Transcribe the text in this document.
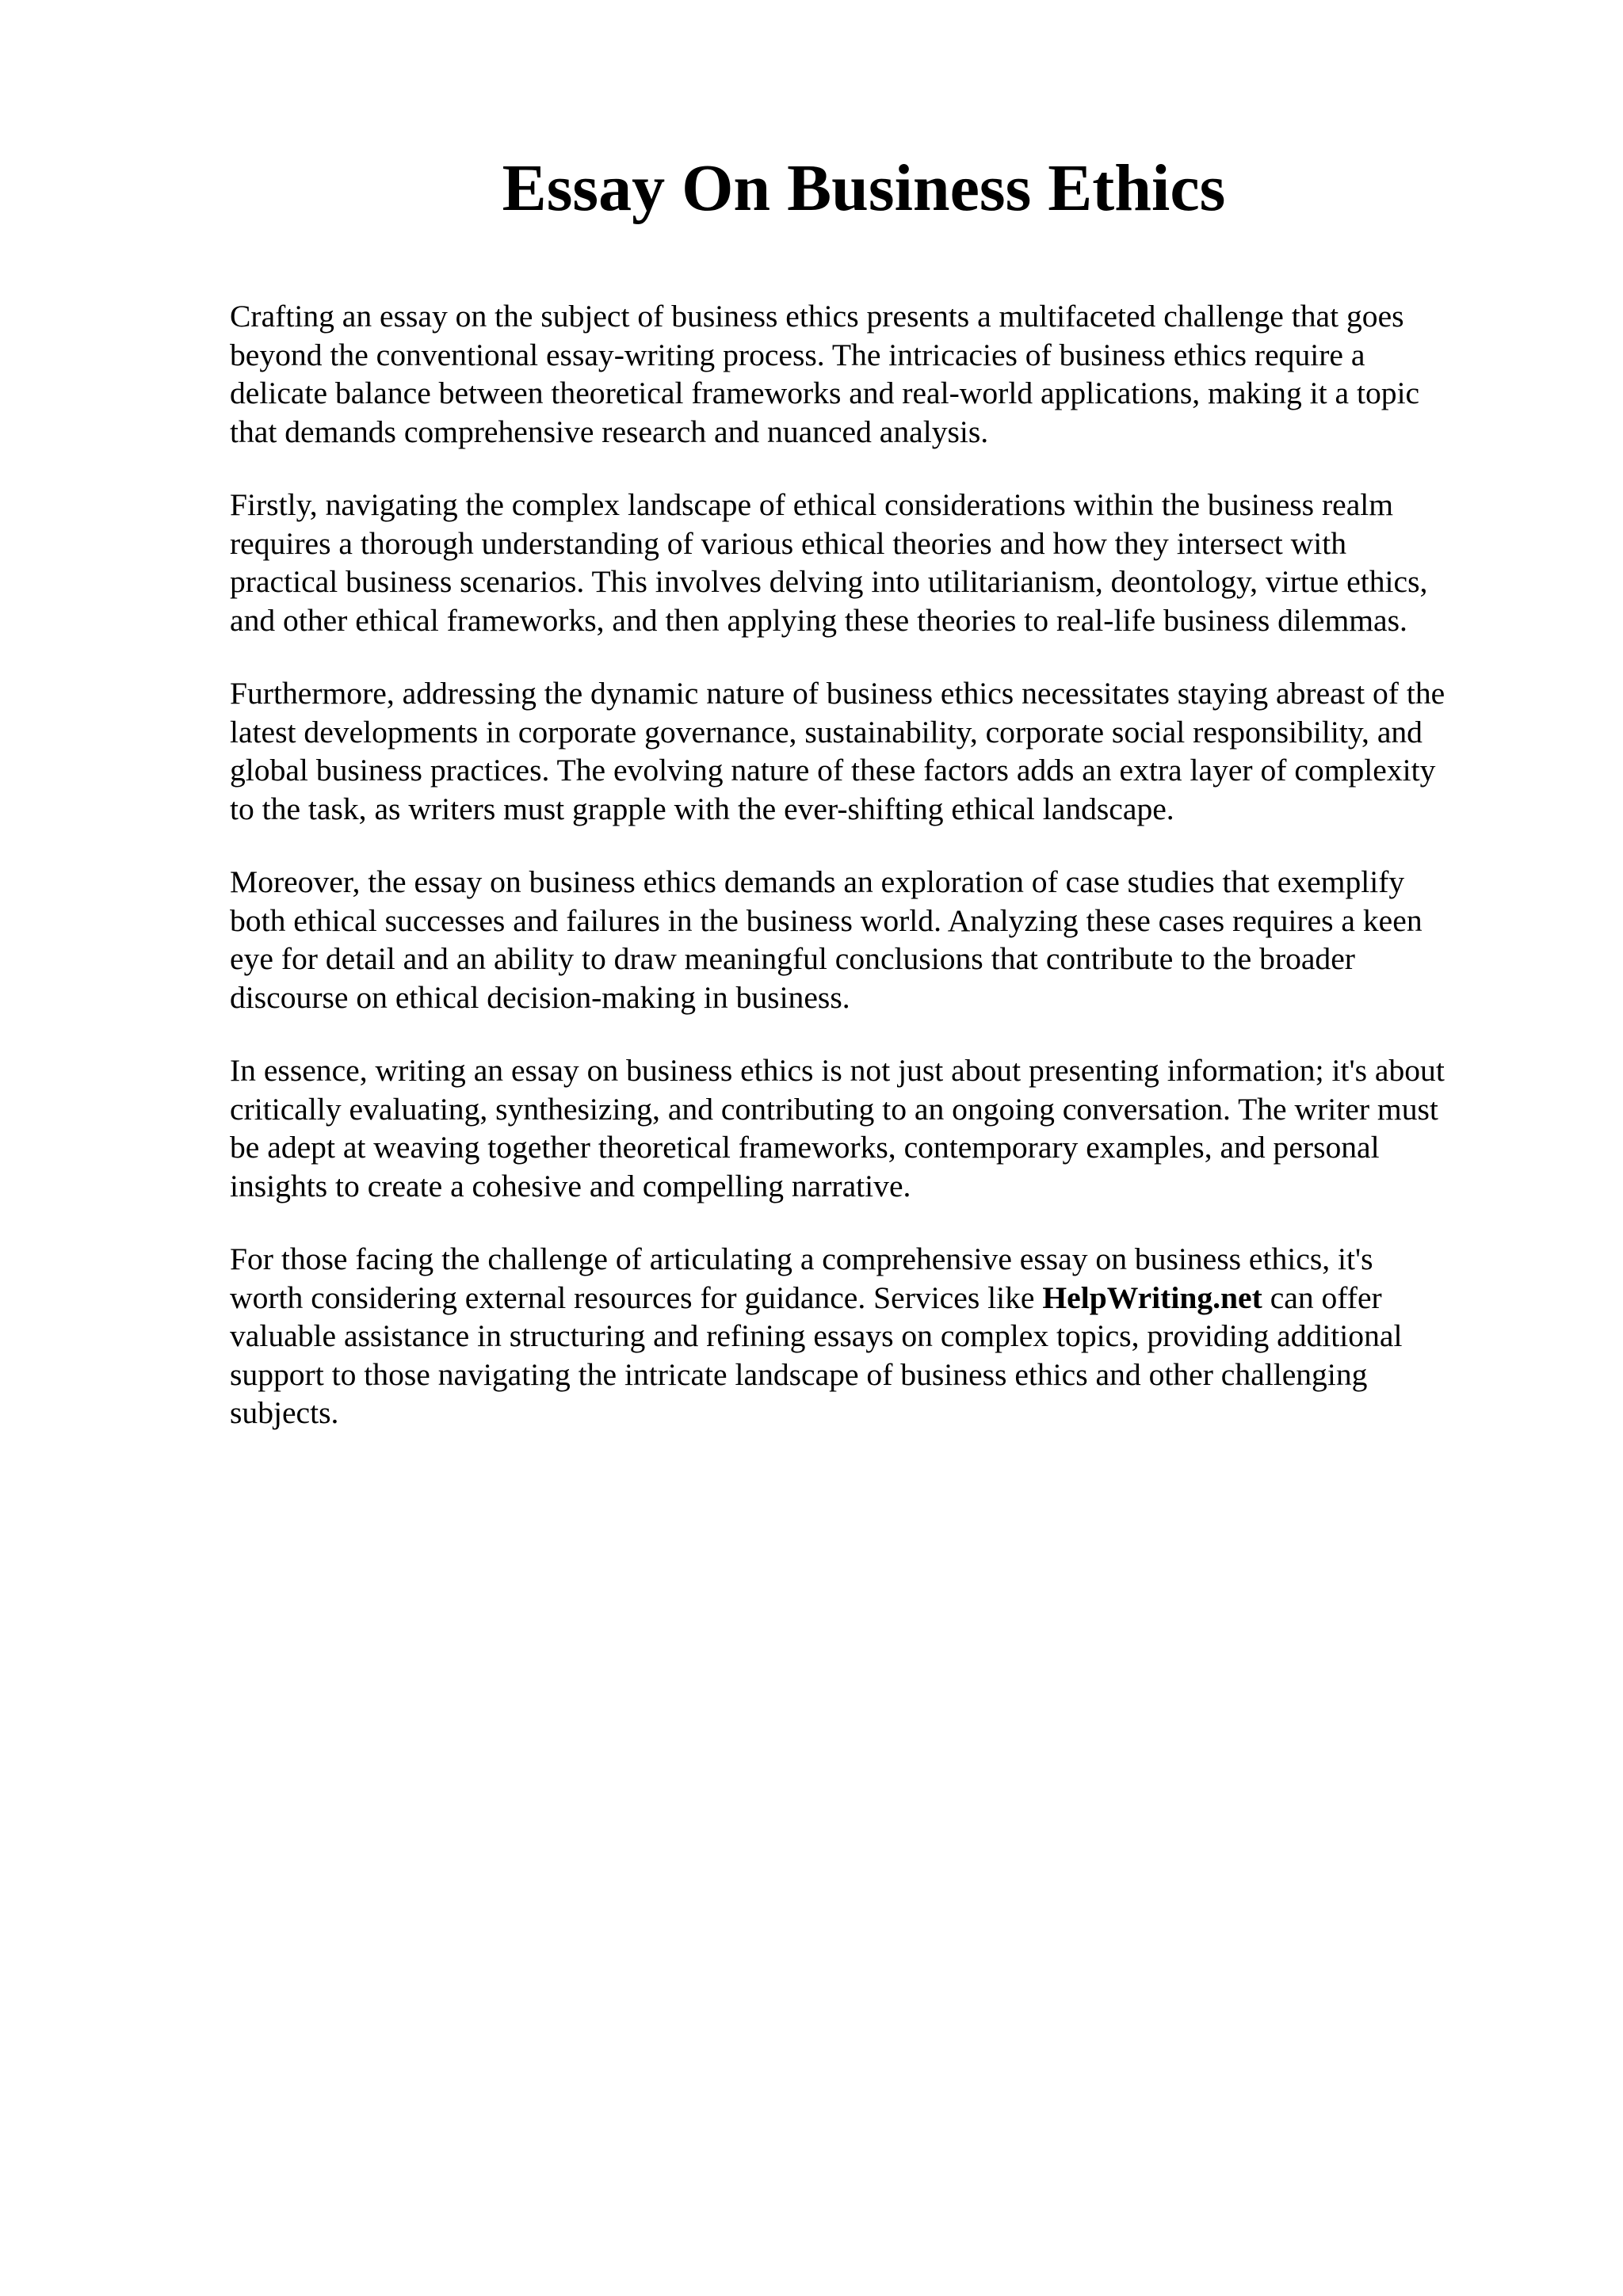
Essay On Business Ethics

Crafting an essay on the subject of business ethics presents a multifaceted challenge that goes
beyond the conventional essay-writing process. The intricacies of business ethics require a
delicate balance between theoretical frameworks and real-world applications, making it a topic
that demands comprehensive research and nuanced analysis.

Firstly, navigating the complex landscape of ethical considerations within the business realm
requires a thorough understanding of various ethical theories and how they intersect with
practical business scenarios. This involves delving into utilitarianism, deontology, virtue ethics,
and other ethical frameworks, and then applying these theories to real-life business dilemmas.

Furthermore, addressing the dynamic nature of business ethics necessitates staying abreast of the
latest developments in corporate governance, sustainability, corporate social responsibility, and
global business practices. The evolving nature of these factors adds an extra layer of complexity
to the task, as writers must grapple with the ever-shifting ethical landscape.

Moreover, the essay on business ethics demands an exploration of case studies that exemplify
both ethical successes and failures in the business world. Analyzing these cases requires a keen
eye for detail and an ability to draw meaningful conclusions that contribute to the broader
discourse on ethical decision-making in business.

In essence, writing an essay on business ethics is not just about presenting information; it's about
critically evaluating, synthesizing, and contributing to an ongoing conversation. The writer must
be adept at weaving together theoretical frameworks, contemporary examples, and personal
insights to create a cohesive and compelling narrative.

For those facing the challenge of articulating a comprehensive essay on business ethics, it's
worth considering external resources for guidance. Services like HelpWriting.net can offer
valuable assistance in structuring and refining essays on complex topics, providing additional
support to those navigating the intricate landscape of business ethics and other challenging
subjects.
